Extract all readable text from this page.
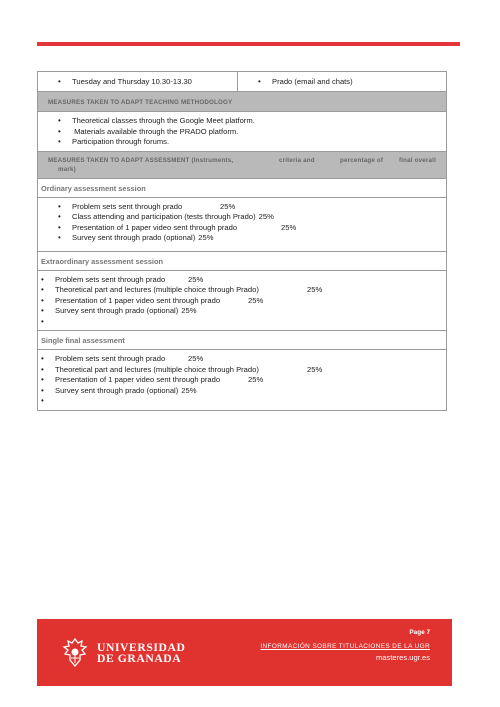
•	Tuesday and Thursday 10.30-13.30	•	Prado (email and chats)
MEASURES TAKEN TO ADAPT TEACHING METHODOLOGY
•	Theoretical classes through the Google Meet platform.
•	Materials available through the PRADO platform.
•	Participation through forums.
MEASURES TAKEN TO ADAPT ASSESSMENT (Instruments,	criteria and	percentage of	final overall
mark)
Ordinary assessment session
•	Problem sets sent through prado	25%
•	Class attending and participation (tests through Prado) 25%
•	Presentation of 1 paper video sent through prado	25%
•	Survey sent through prado (optional) 25%
Extraordinary assessment session
•	Problem sets sent through prado	25%
•	Theoretical part and lectures (multiple choice through Prado)	25%
•	Presentation of 1 paper video sent through prado	25%
•	Survey sent through prado (optional) 25%
•
Single final assessment
•	Problem sets sent through prado	25%
•	Theoretical part and lectures (multiple choice through Prado)	25%
•	Presentation of 1 paper video sent through prado	25%
•	Survey sent through prado (optional) 25%
•
UNIVERSIDAD
DE GRANADA
Page 7
INFORMACIÓN SOBRE TITULACIONES DE LA UGR
masteres.ugr.es
